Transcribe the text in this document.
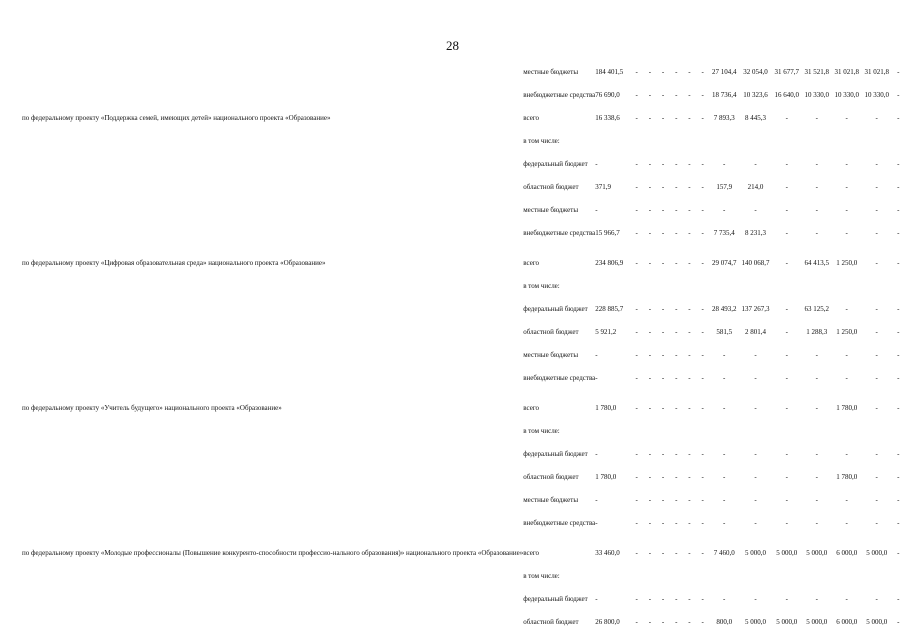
28
	местные бюджеты	184 401,5	-	-	-	-	-	-	27 104,4	32 054,0	31 677,7	31 521,8	31 021,8	31 021,8	-
	внебюджетные средства	76 690,0	-	-	-	-	-	-	18 736,4	10 323,6	16 640,0	10 330,0	10 330,0	10 330,0	-
по федеральному проекту «Поддержка семей, имеющих детей» национального проекта «Образование»	всего	16 338,6	-	-	-	-	-	-	7 893,3	8 445,3	-	-	-	-	-
	в том числе:														
	федеральный бюджет	-	-	-	-	-	-	-	-	-	-	-	-	-	-
	областной бюджет	371,9	-	-	-	-	-	-	157,9	214,0	-	-	-	-	-
	местные бюджеты	-	-	-	-	-	-	-	-	-	-	-	-	-	-
	внебюджетные средства	15 966,7	-	-	-	-	-	-	7 735,4	8 231,3	-	-	-	-	-
по федеральному проекту «Цифровая образовательная среда» национального проекта «Образование»	всего	234 806,9	-	-	-	-	-	-	29 074,7	140 068,7	-	64 413,5	1 250,0	-	-
	в том числе:														
	федеральный бюджет	228 885,7	-	-	-	-	-	-	28 493,2	137 267,3	-	63 125,2	-	-	-
	областной бюджет	5 921,2	-	-	-	-	-	-	581,5	2 801,4	-	1 288,3	1 250,0	-	-
	местные бюджеты	-	-	-	-	-	-	-	-	-	-	-	-	-	-
	внебюджетные средства	-	-	-	-	-	-	-	-	-	-	-	-	-	-
по федеральному проекту «Учитель будущего» национального проекта «Образование»	всего	1 780,0	-	-	-	-	-	-	-	-	-	-	1 780,0	-	-
	в том числе:														
	федеральный бюджет	-	-	-	-	-	-	-	-	-	-	-	-	-	-
	областной бюджет	1 780,0	-	-	-	-	-	-	-	-	-	-	1 780,0	-	-
	местные бюджеты	-	-	-	-	-	-	-	-	-	-	-	-	-	-
	внебюджетные средства	-	-	-	-	-	-	-	-	-	-	-	-	-	-
по федеральному проекту «Молодые профессионалы (Повышение конкуренто-способности профессио-нального образования)» национального проекта «Образование»	всего	33 460,0	-	-	-	-	-	-	7 460,0	5 000,0	5 000,0	5 000,0	6 000,0	5 000,0	-
	в том числе:														
	федеральный бюджет	-	-	-	-	-	-	-	-	-	-	-	-	-	-
	областной бюджет	26 800,0	-	-	-	-	-	-	800,0	5 000,0	5 000,0	5 000,0	6 000,0	5 000,0	-
